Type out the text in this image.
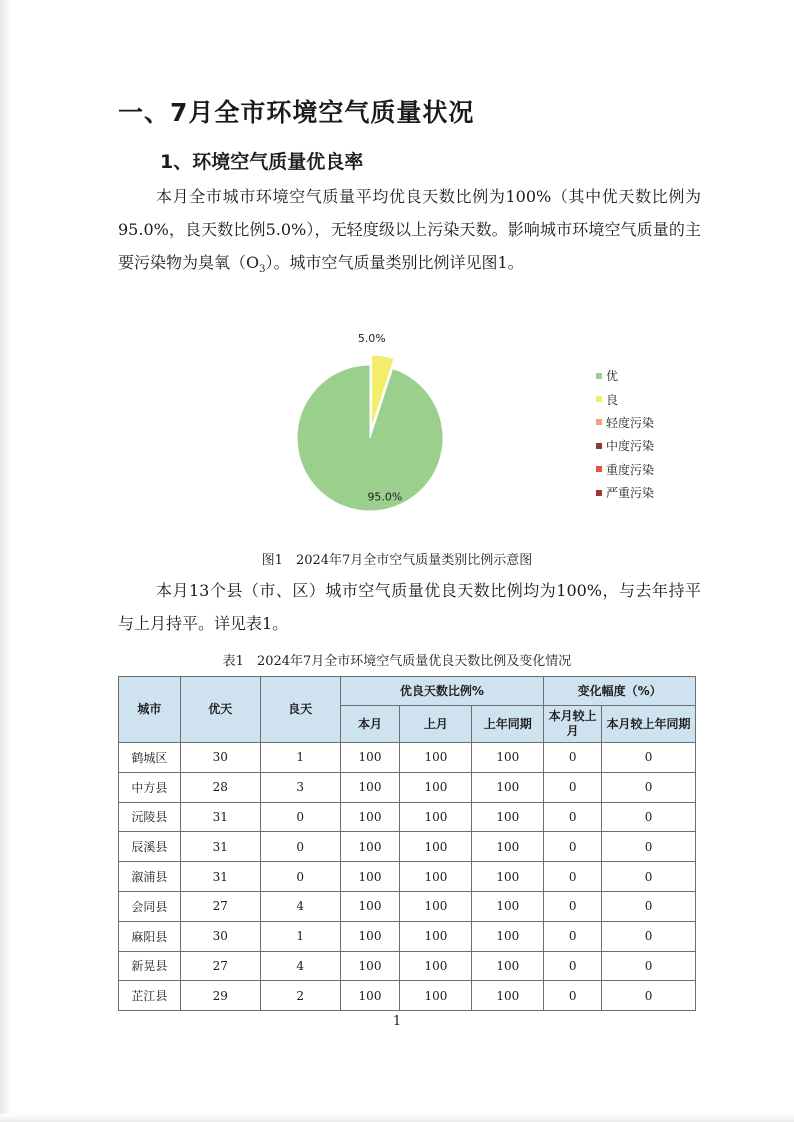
一、7月全市环境空气质量状况
1、环境空气质量优良率

本月全市城市环境空气质量平均优良天数比例为100%（其中优天数比例为95.0%，良天数比例5.0%），无轻度级以上污染天数。影响城市环境空气质量的主要污染物为臭氧$(O_3)$。城市空气质量类别比例详见图1。

5.0%
95.0%
优
良
轻度污染
中度污染
重度污染
严重污染

图1　2024年7月全市空气质量类别比例示意图

本月13个县（市、区）城市空气质量优良天数比例均为100%，与去年持平与上月持平。详见表1。

表1　2024年7月全市环境空气质量优良天数比例及变化情况

城市	优天	良天	优良天数比例%			变化幅度（%）	
			本月	上月	上年同期	本月较上月	本月较上年同期
鹤城区	30	1	100	100	100	0	0
中方县	28	3	100	100	100	0	0
沅陵县	31	0	100	100	100	0	0
辰溪县	31	0	100	100	100	0	0
溆浦县	31	0	100	100	100	0	0
会同县	27	4	100	100	100	0	0
麻阳县	30	1	100	100	100	0	0
新晃县	27	4	100	100	100	0	0
芷江县	29	2	100	100	100	0	0
1
